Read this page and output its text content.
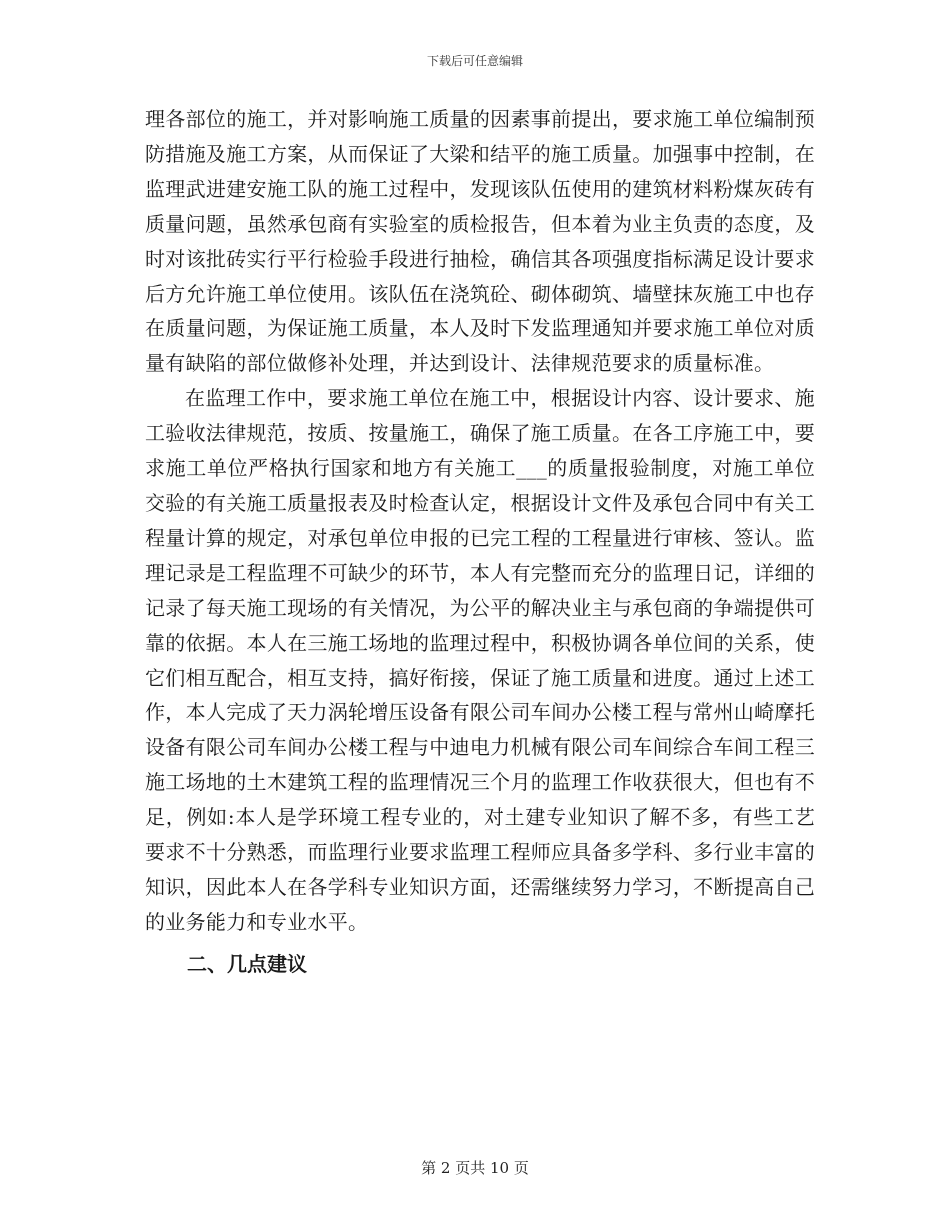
下载后可任意编辑

理各部位的施工，并对影响施工质量的因素事前提出，要求施工单位编制预防措施及施工方案，从而保证了大梁和结平的施工质量。加强事中控制，在监理武进建安施工队的施工过程中，发现该队伍使用的建筑材料粉煤灰砖有质量问题，虽然承包商有实验室的质检报告，但本着为业主负责的态度，及时对该批砖实行平行检验手段进行抽检，确信其各项强度指标满足设计要求后方允许施工单位使用。该队伍在浇筑砼、砌体砌筑、墙壁抹灰施工中也存在质量问题，为保证施工质量，本人及时下发监理通知并要求施工单位对质量有缺陷的部位做修补处理，并达到设计、法律规范要求的质量标准。

在监理工作中，要求施工单位在施工中，根据设计内容、设计要求、施工验收法律规范，按质、按量施工，确保了施工质量。在各工序施工中，要求施工单位严格执行国家和地方有关施工___的质量报验制度，对施工单位交验的有关施工质量报表及时检查认定，根据设计文件及承包合同中有关工程量计算的规定，对承包单位申报的已完工程的工程量进行审核、签认。监理记录是工程监理不可缺少的环节，本人有完整而充分的监理日记，详细的记录了每天施工现场的有关情况，为公平的解决业主与承包商的争端提供可靠的依据。本人在三施工场地的监理过程中，积极协调各单位间的关系，使它们相互配合，相互支持，搞好衔接，保证了施工质量和进度。通过上述工作，本人完成了天力涡轮增压设备有限公司车间办公楼工程与常州山崎摩托设备有限公司车间办公楼工程与中迪电力机械有限公司车间综合车间工程三施工场地的土木建筑工程的监理情况三个月的监理工作收获很大，但也有不足，例如:本人是学环境工程专业的，对土建专业知识了解不多，有些工艺要求不十分熟悉，而监理行业要求监理工程师应具备多学科、多行业丰富的知识，因此本人在各学科专业知识方面，还需继续努力学习，不断提高自己的业务能力和专业水平。

二、几点建议
第 2 页共 10 页
